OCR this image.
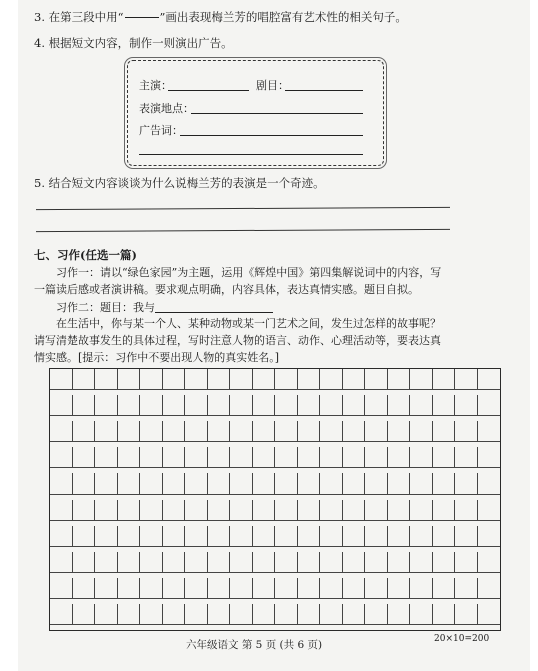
3. 在第三段中用“	”画出表现梅兰芳的唱腔富有艺术性的相关句子。
4. 根据短文内容，制作一则演出广告。
主演：	剧目：
表演地点：
广告词：
5. 结合短文内容谈谈为什么说梅兰芳的表演是一个奇迹。
七、习作(任选一篇)
习作一：请以“绿色家园”为主题，运用《辉煌中国》第四集解说词中的内容，写
一篇读后感或者演讲稿。要求观点明确，内容具体，表达真情实感。题目自拟。
习作二：题目：我与
在生活中，你与某一个人、某种动物或某一门艺术之间，发生过怎样的故事呢？
请写清楚故事发生的具体过程，写时注意人物的语言、动作、心理活动等，要表达真
情实感。[提示：习作中不要出现人物的真实姓名。]
六年级语文 第 5 页 (共 6 页)	20×10=200
